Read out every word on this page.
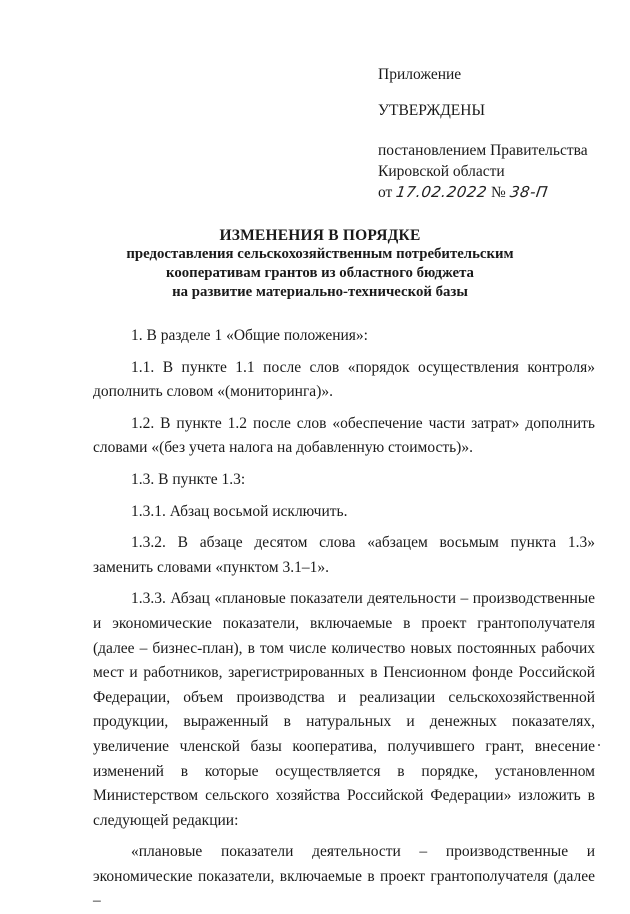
Приложение
УТВЕРЖДЕНЫ
постановлением Правительства
Кировской области
от 17.02.2022 № 38-П
ИЗМЕНЕНИЯ В ПОРЯДКЕ
предоставления сельскохозяйственным потребительским
кооперативам грантов из областного бюджета
на развитие материально-технической базы

1. В разделе 1 «Общие положения»:

1.1. В пункте 1.1 после слов «порядок осуществления контроля» дополнить словом «(мониторинга)».

1.2. В пункте 1.2 после слов «обеспечение части затрат» дополнить словами «(без учета налога на добавленную стоимость)».

1.3. В пункте 1.3:

1.3.1. Абзац восьмой исключить.

1.3.2. В абзаце десятом слова «абзацем восьмым пункта 1.3» заменить словами «пунктом 3.1–1».

1.3.3. Абзац «плановые показатели деятельности – производственные и экономические показатели, включаемые в проект грантополучателя (далее – бизнес-план), в том числе количество новых постоянных рабочих мест и работников, зарегистрированных в Пенсионном фонде Российской Федерации, объем производства и реализации сельскохозяйственной продукции, выраженный в натуральных и денежных показателях, увеличение членской базы кооператива, получившего грант, внесение изменений в которые осуществляется в порядке, установленном Министерством сельского хозяйства Российской Федерации» изложить в следующей редакции:

«плановые показатели деятельности – производственные и экономические показатели, включаемые в проект грантополучателя (далее –
